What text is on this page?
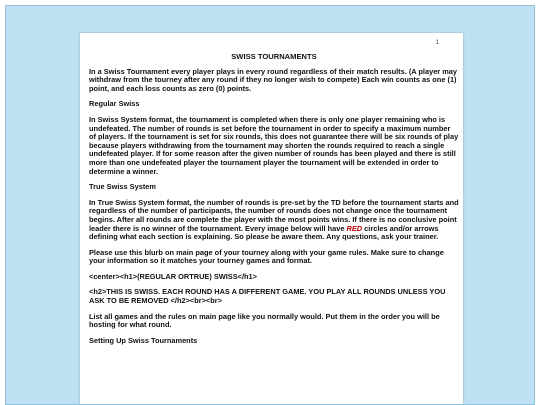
1
SWISS TOURNAMENTS

In a Swiss Tournament every player plays in every round regardless of their match results. (A player may withdraw from the tourney after any round if they no longer wish to compete) Each win counts as one (1) point, and each loss counts as zero (0) points.

Regular Swiss

In Swiss System format, the tournament is completed when there is only one player remaining who is undefeated. The number of rounds is set before the tournament in order to specify a maximum number of players. If the tournament is set for six rounds, this does not guarantee there will be six rounds of play because players withdrawing from the tournament may shorten the rounds required to reach a single undefeated player. If for some reason after the given number of rounds has been played and there is still more than one undefeated player the tournament player the tournament will be extended in order to determine a winner.

True Swiss System

In True Swiss System format, the number of rounds is pre-set by the TD before the tournament starts and regardless of the number of participants, the number of rounds does not change once the tournament begins. After all rounds are complete the player with the most points wins. If there is no conclusive point leader there is no winner of the tournament. Every image below will have RED circles and/or arrows defining what each section is explaining. So please be aware them. Any questions, ask your trainer.

Please use this blurb on main page of your tourney along with your game rules. Make sure to change your information so it matches your tourney games and format.

<center><h1>(REGULAR ORTRUE) SWISS</h1>

<h2>THIS IS SWISS. EACH ROUND HAS A DIFFERENT GAME. YOU PLAY ALL ROUNDS UNLESS YOU ASK TO BE REMOVED </h2><br><br>

List all games and the rules on main page like you normally would. Put them in the order you will be hosting for what round.

Setting Up Swiss Tournaments
